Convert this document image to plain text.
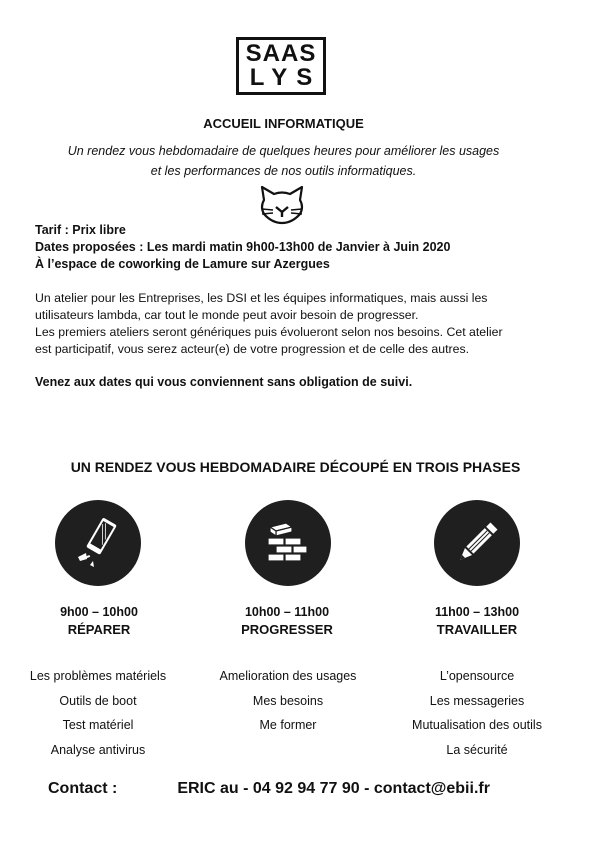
SAAS
LYS
ACCUEIL INFORMATIQUE
Un rendez vous hebdomadaire de quelques heures pour améliorer les usages
et les performances de nos outils informatiques.
Tarif : Prix libre
Dates proposées : Les mardi matin 9h00-13h00 de Janvier à Juin 2020
À l’espace de coworking de Lamure sur Azergues

Un atelier pour les Entreprises, les DSI et les équipes informatiques, mais aussi les

utilisateurs lambda, car tout le monde peut avoir besoin de progresser.

Les premiers ateliers seront génériques puis évolueront selon nos besoins. Cet atelier

est participatif, vous serez acteur(e) de votre progression et de celle des autres.

Venez aux dates qui vous conviennent sans obligation de suivi.
UN RENDEZ VOUS HEBDOMADAIRE DÉCOUPÉ EN TROIS PHASES
9h00 – 10h00
RÉPARER
10h00 – 11h00
PROGRESSER
11h00 – 13h00
TRAVAILLER
Les problèmes matériels
Outils de boot
Test matériel
Analyse antivirus
Amelioration des usages
Mes besoins
Me former
L’opensource
Les messageries
Mutualisation des outils
La sécurité
Contact :	ERIC au - 04 92 94 77 90 - contact@ebii.fr
